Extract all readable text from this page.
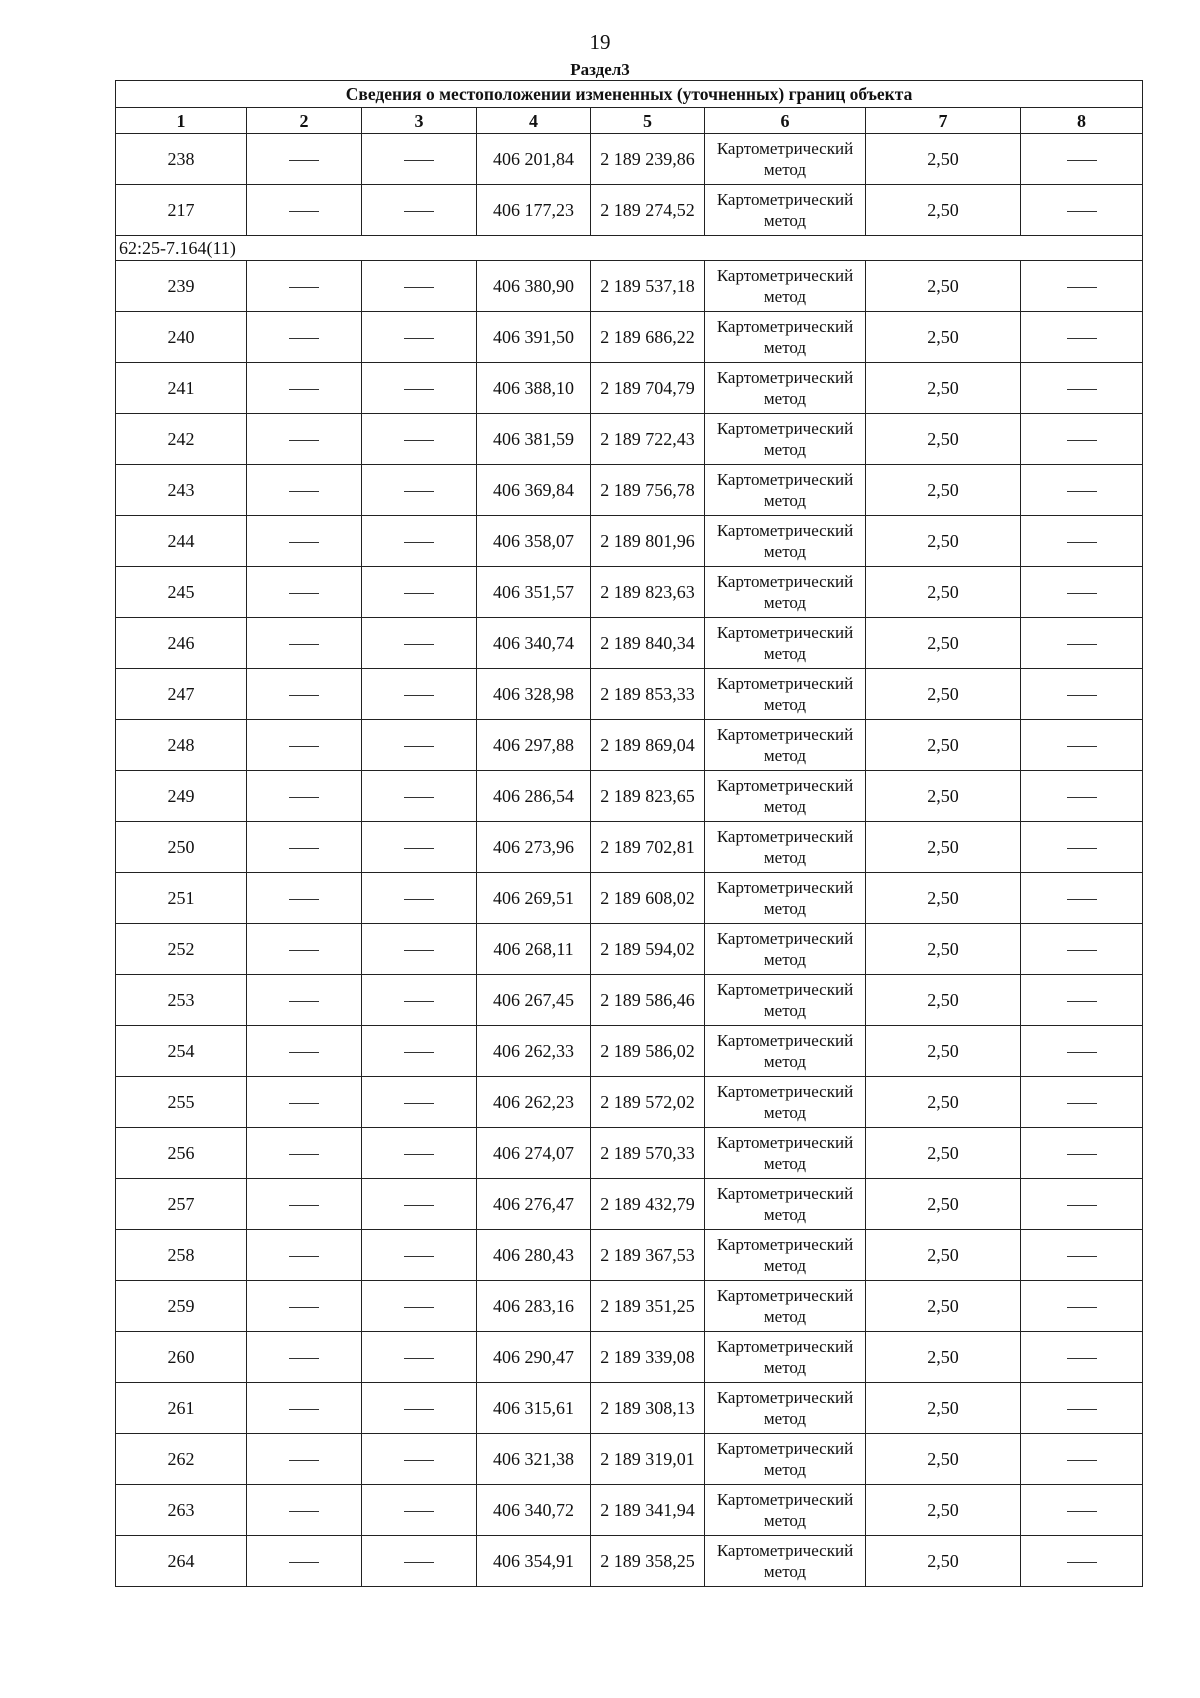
19
Раздел3
Сведения о местоположении измененных (уточненных) границ объекта							
1	2	3	4	5	6	7	8
238			406 201,84	2 189 239,86	Картометрический метод	2,50	
217			406 177,23	2 189 274,52	Картометрический метод	2,50	
62:25-7.164(11)							
239			406 380,90	2 189 537,18	Картометрический метод	2,50	
240			406 391,50	2 189 686,22	Картометрический метод	2,50	
241			406 388,10	2 189 704,79	Картометрический метод	2,50	
242			406 381,59	2 189 722,43	Картометрический метод	2,50	
243			406 369,84	2 189 756,78	Картометрический метод	2,50	
244			406 358,07	2 189 801,96	Картометрический метод	2,50	
245			406 351,57	2 189 823,63	Картометрический метод	2,50	
246			406 340,74	2 189 840,34	Картометрический метод	2,50	
247			406 328,98	2 189 853,33	Картометрический метод	2,50	
248			406 297,88	2 189 869,04	Картометрический метод	2,50	
249			406 286,54	2 189 823,65	Картометрический метод	2,50	
250			406 273,96	2 189 702,81	Картометрический метод	2,50	
251			406 269,51	2 189 608,02	Картометрический метод	2,50	
252			406 268,11	2 189 594,02	Картометрический метод	2,50	
253			406 267,45	2 189 586,46	Картометрический метод	2,50	
254			406 262,33	2 189 586,02	Картометрический метод	2,50	
255			406 262,23	2 189 572,02	Картометрический метод	2,50	
256			406 274,07	2 189 570,33	Картометрический метод	2,50	
257			406 276,47	2 189 432,79	Картометрический метод	2,50	
258			406 280,43	2 189 367,53	Картометрический метод	2,50	
259			406 283,16	2 189 351,25	Картометрический метод	2,50	
260			406 290,47	2 189 339,08	Картометрический метод	2,50	
261			406 315,61	2 189 308,13	Картометрический метод	2,50	
262			406 321,38	2 189 319,01	Картометрический метод	2,50	
263			406 340,72	2 189 341,94	Картометрический метод	2,50	
264			406 354,91	2 189 358,25	Картометрический метод	2,50	
